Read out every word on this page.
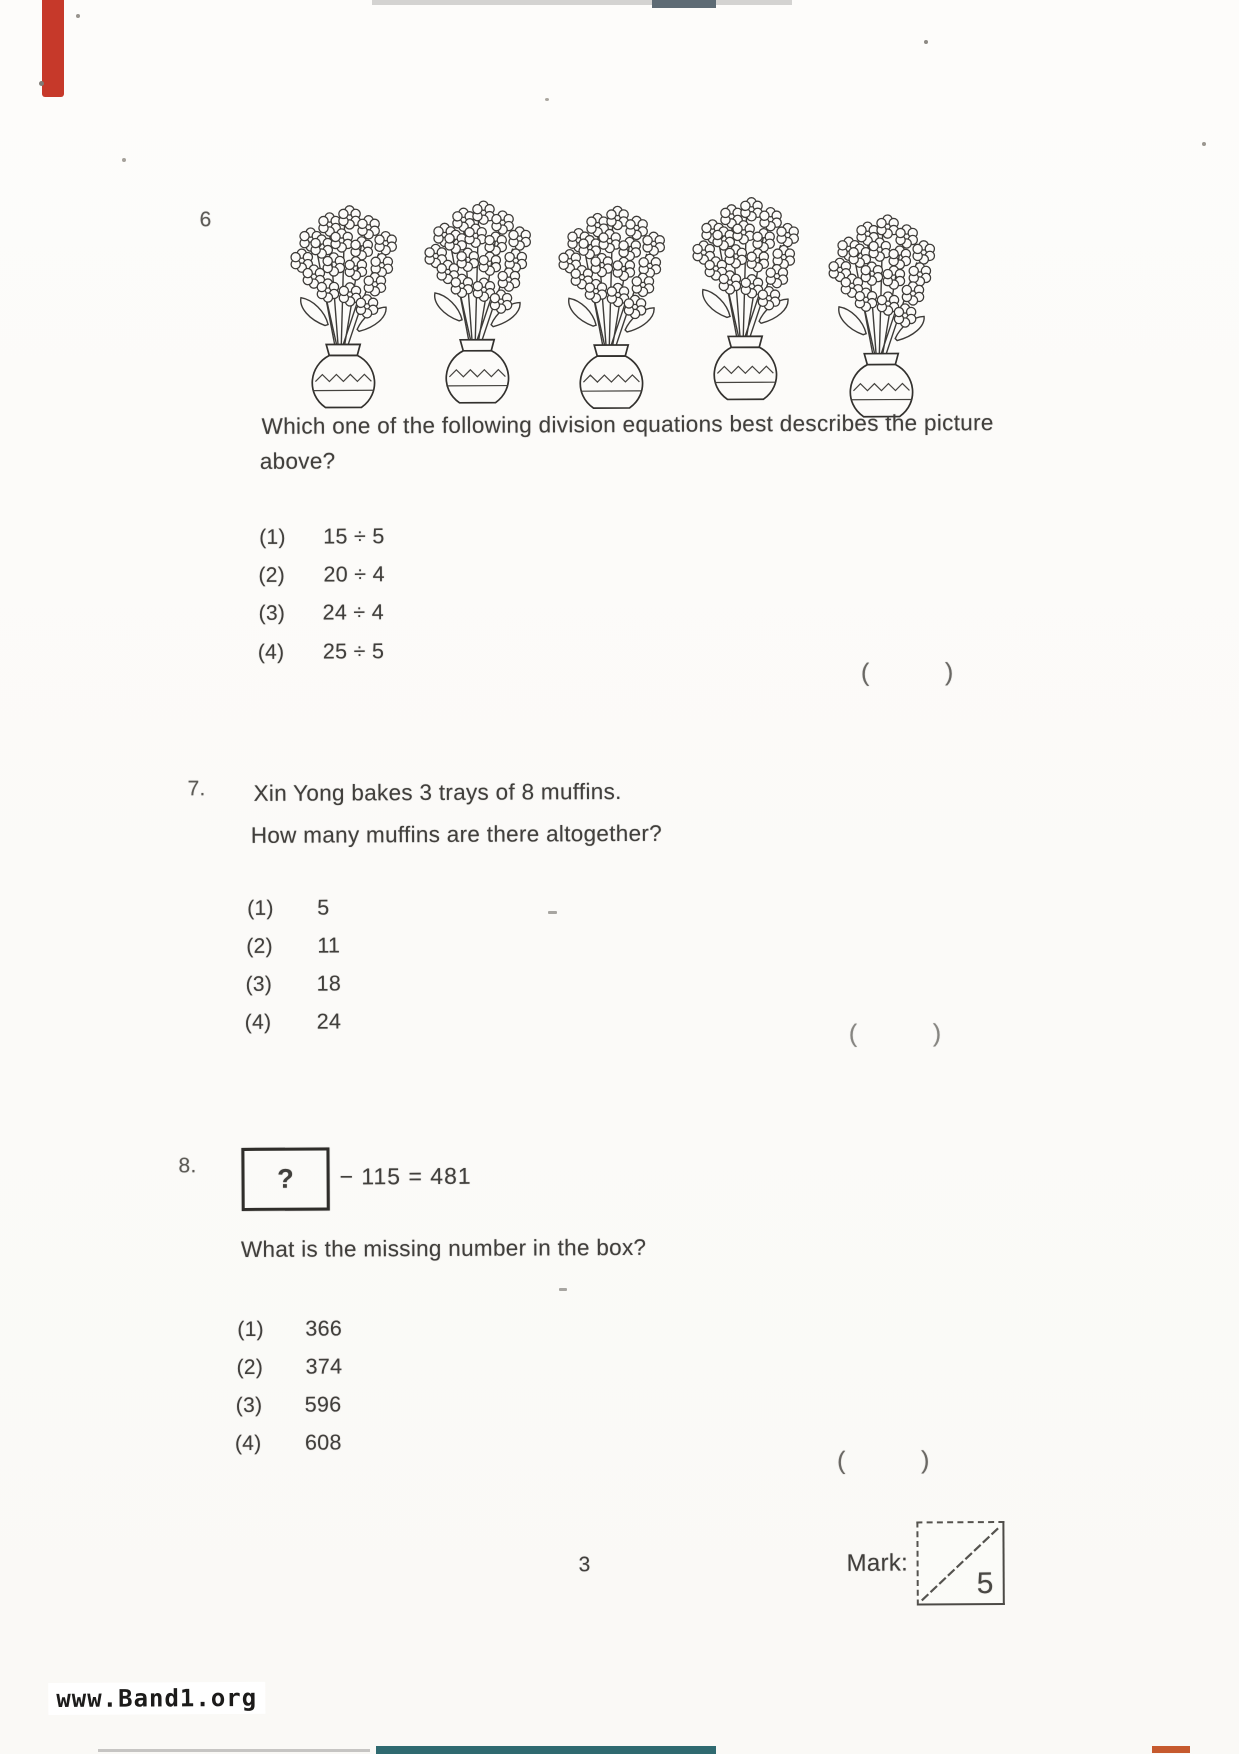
6
Which one of the following division equations best describes the picture
above?
(1) 15 ÷ 5
(2) 20 ÷ 4
(3) 24 ÷ 4
(4) 25 ÷ 5
(	)
7. Xin Yong bakes 3 trays of 8 muffins.
How many muffins are there altogether?
(1) 5
(2) 11
(3) 18
(4) 24	(	)
8.	?	− 115 = 481
What is the missing number in the box?
(1) 366
(2) 374
(3) 596
(4) 608
(	)
3	Mark:
5
www.Band1.org
